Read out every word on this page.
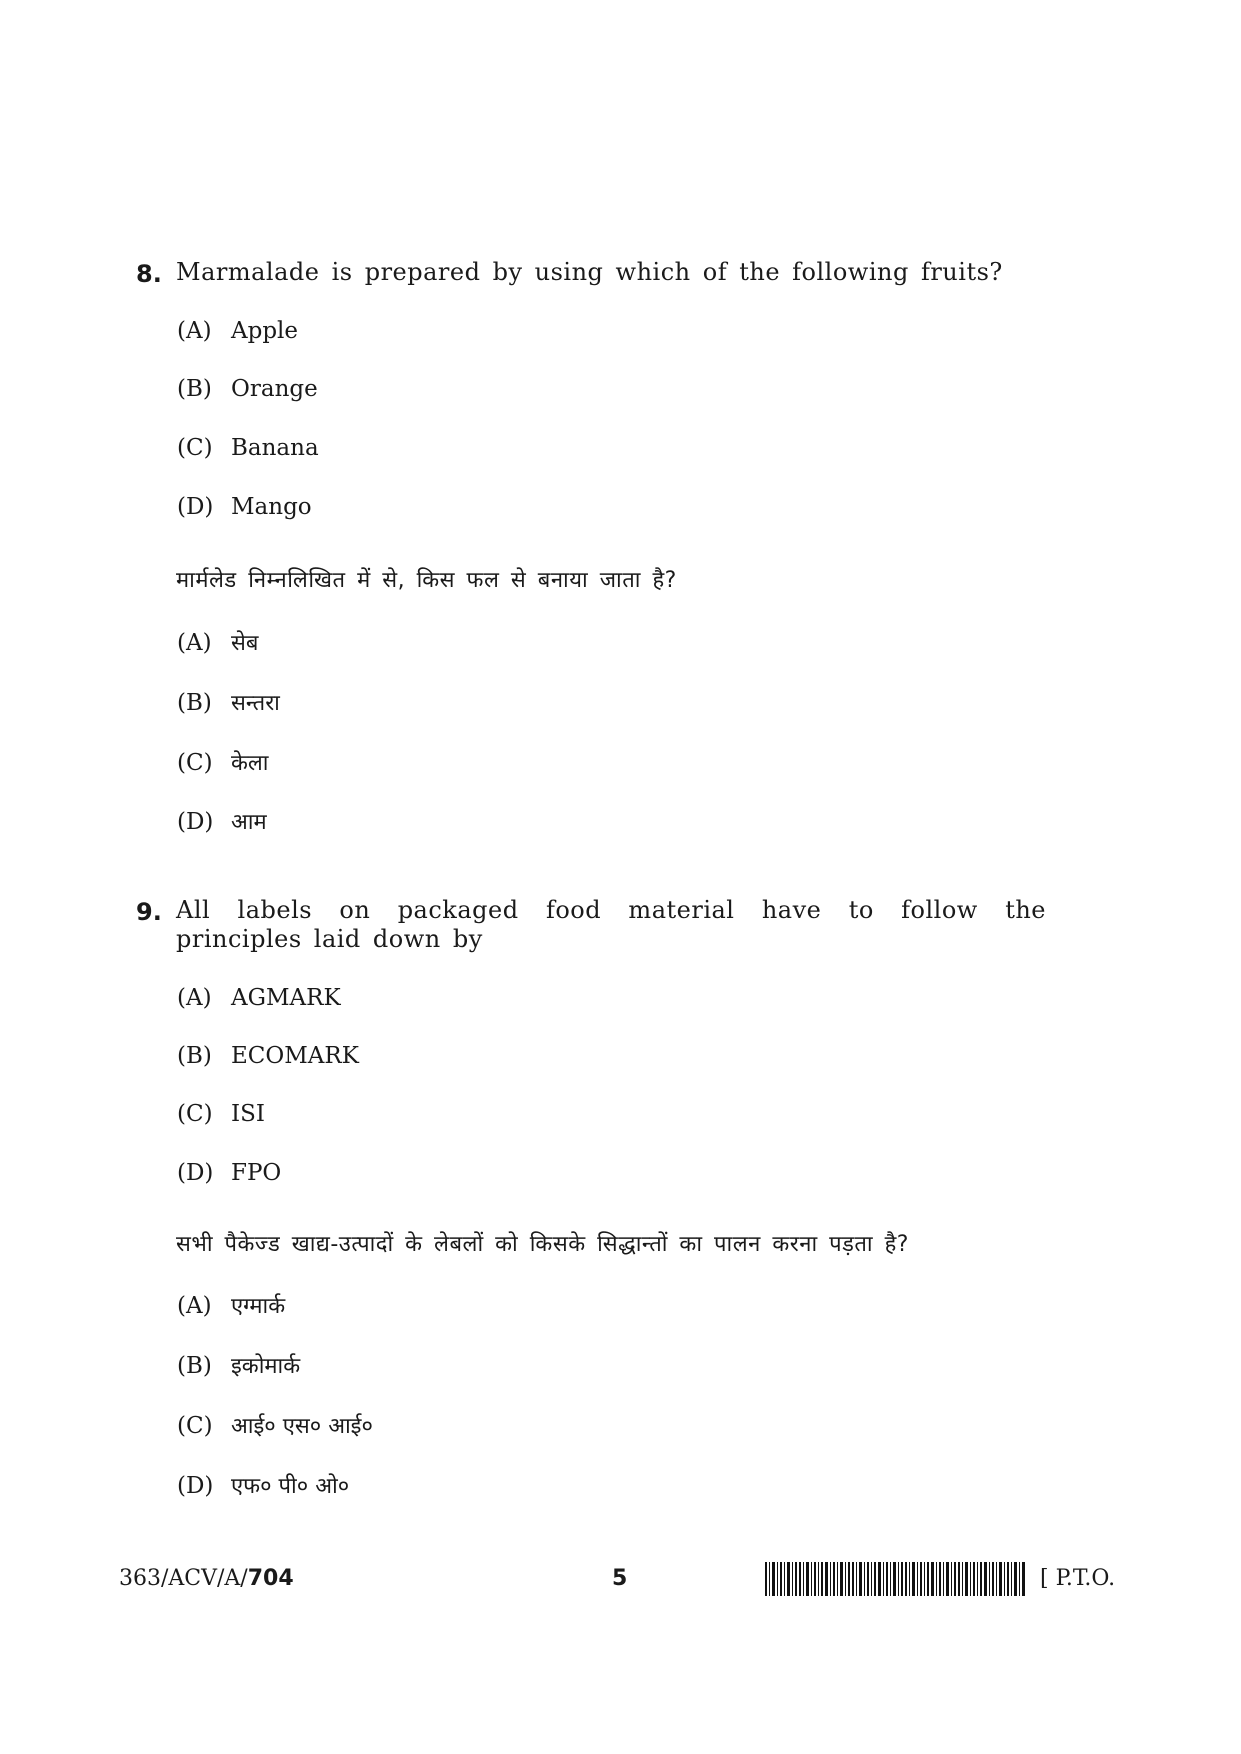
8. Marmalade is prepared by using which of the following fruits?
(A) Apple
(B) Orange
(C) Banana
(D) Mango
मार्मलेड निम्नलिखित में से, किस फल से बनाया जाता है?
(A) सेब
(B) सन्तरा
(C) केला
(D) आम
9. All labels on packaged food material have to follow the principles laid down by
(A) AGMARK
(B) ECOMARK
(C) ISI
(D) FPO
सभी पैकेज्ड खाद्य-उत्पादों के लेबलों को किसके सिद्धान्तों का पालन करना पड़ता है?
(A) एग्मार्क
(B) इकोमार्क
(C) आई० एस० आई०
(D) एफ० पी० ओ०
363/ACV/A/704	5	[ P.T.O.
